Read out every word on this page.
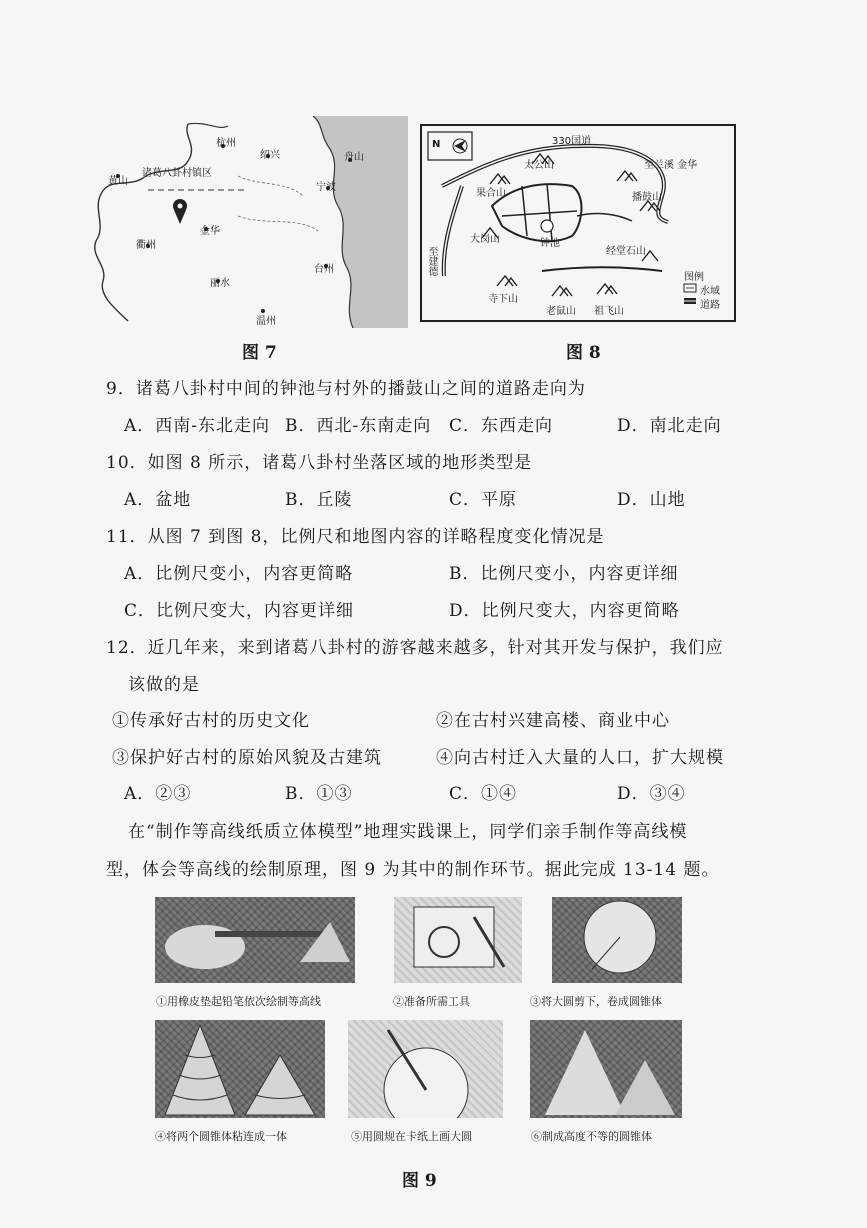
杭州
绍兴	舟山
诸葛八卦村镇区
黄山
宁波
金华
衢州
台州
丽水
温州
N	330国道
太公山	至兰溪 金华
果合山	播鼓山
大岗山	钟池
经堂石山
至建德
寺下山
老鼠山 祖飞山
图例
水域
道路
图 7	图 8
9．诸葛八卦村中间的钟池与村外的播鼓山之间的道路走向为
A．西南-东北走向 B．西北-东南走向 C．东西走向	D．南北走向
10．如图 8 所示，诸葛八卦村坐落区域的地形类型是
A．盆地	B．丘陵	C．平原	D．山地
11．从图 7 到图 8，比例尺和地图内容的详略程度变化情况是
A．比例尺变小，内容更简略	B．比例尺变小，内容更详细
C．比例尺变大，内容更详细	D．比例尺变大，内容更简略
12．近几年来，来到诸葛八卦村的游客越来越多，针对其开发与保护，我们应
该做的是
①传承好古村的历史文化	②在古村兴建高楼、商业中心
③保护好古村的原始风貌及古建筑	④向古村迁入大量的人口，扩大规模
A．②③	B．①③	C．①④	D．③④
在“制作等高线纸质立体模型”地理实践课上，同学们亲手制作等高线模
型，体会等高线的绘制原理，图 9 为其中的制作环节。据此完成 13-14 题。
①用橡皮垫起铅笔依次绘制等高线	②准备所需工具	③将大圆剪下，卷成圆锥体
④将两个圆锥体粘连成一体	⑤用圆规在卡纸上画大圆	⑥制成高度不等的圆锥体
图 9
